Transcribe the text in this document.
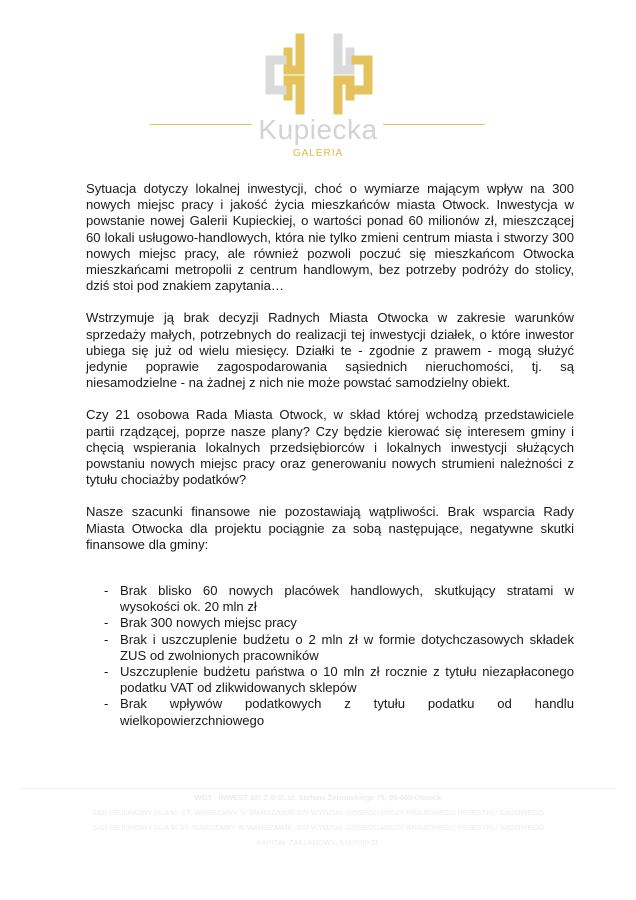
Kupiecka
GALERIA

Sytuacja dotyczy lokalnej inwestycji, choć o wymiarze mającym wpływ na 300 nowych miejsc pracy i jakość życia mieszkańców miasta Otwock. Inwestycja w powstanie nowej Galerii Kupieckiej, o wartości ponad 60 milionów zł, mieszczącej 60 lokali usługowo-handlowych, która nie tylko zmieni centrum miasta i stworzy 300 nowych miejsc pracy, ale również pozwoli poczuć się mieszkańcom Otwocka mieszkańcami metropolii z centrum handlowym, bez potrzeby podróży do stolicy, dziś stoi pod znakiem zapytania…

Wstrzymuje ją brak decyzji Radnych Miasta Otwocka w zakresie warunków sprzedaży małych, potrzebnych do realizacji tej inwestycji działek, o które inwestor ubiega się już od wielu miesięcy. Działki te - zgodnie z prawem - mogą służyć jedynie poprawie zagospodarowania sąsiednich nieruchomości, tj. są niesamodzielne - na żadnej z nich nie może powstać samodzielny obiekt.

Czy 21 osobowa Rada Miasta Otwock, w skład której wchodzą przedstawiciele partii rządzącej, poprze nasze plany? Czy będzie kierować się interesem gminy i chęcią wspierania lokalnych przedsiębiorców i lokalnych inwestycji służących powstaniu nowych miejsc pracy oraz generowaniu nowych strumieni należności z tytułu chociażby podatków?

Nasze szacunki finansowe nie pozostawiają wątpliwości. Brak wsparcia Rady Miasta Otwocka dla projektu pociągnie za sobą następujące, negatywne skutki finansowe dla gminy:

- Brak blisko 60 nowych placówek handlowych, skutkujący stratami w wysokości ok. 20 mln zł
- Brak 300 nowych miejsc pracy
- Brak i uszczuplenie budżetu o 2 mln zł w formie dotychczasowych składek ZUS od zwolnionych pracowników
- Uszczuplenie budżetu państwa o 10 mln zł rocznie z tytułu niezapłaconego podatku VAT od zlikwidowanych sklepów
- Brak wpływów podatkowych z tytułu podatku od handlu wielkopowierzchniowego
WOT - INWEST SP. Z O.O. ul. Stefana Żeromskiego 78, 05-400 Otwock
SĄD REJONOWY DLA M. ST. WARSZAWY W WARSZAWIE XIV WYDZIAŁ GOSPODARCZY KRAJOWEGO REJESTRU SĄDOWEGO
SĄD REJONOWY DLA M.ST. WARSZAWY W WARSZAWIE, XIV WYDZIAŁ GOSPODARCZY KRAJOWEGO REJESTRU SĄDOWEGO
KAPITAŁ ZAKŁADOWY: 5 000,00 ZŁ
